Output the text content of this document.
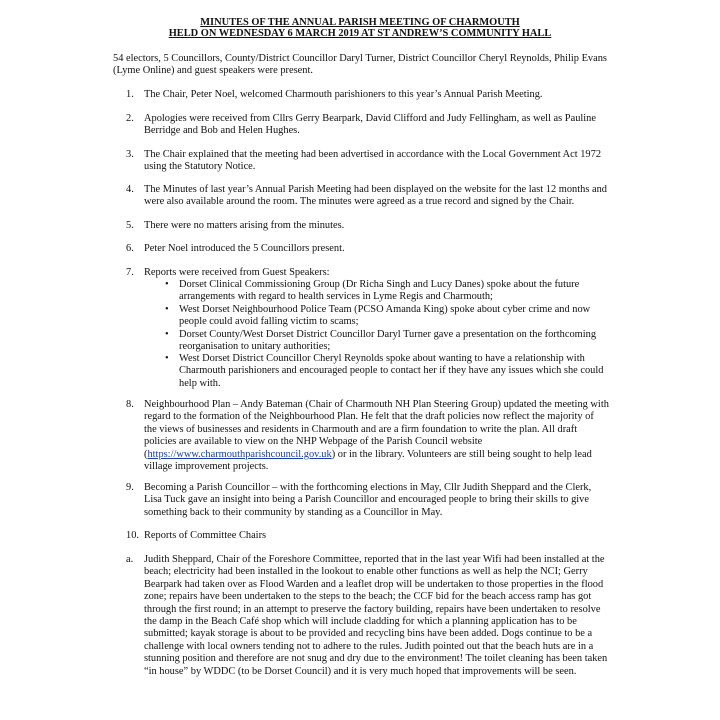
MINUTES OF THE ANNUAL PARISH MEETING OF CHARMOUTH
HELD ON WEDNESDAY 6 MARCH 2019 AT ST ANDREW’S COMMUNITY HALL
54 electors, 5 Councillors, County/District Councillor Daryl Turner, District Councillor Cheryl Reynolds, Philip Evans
(Lyme Online) and guest speakers were present.
1. The Chair, Peter Noel, welcomed Charmouth parishioners to this year’s Annual Parish Meeting.
2. Apologies were received from Cllrs Gerry Bearpark, David Clifford and Judy Fellingham, as well as Pauline
Berridge and Bob and Helen Hughes.
3. The Chair explained that the meeting had been advertised in accordance with the Local Government Act 1972
using the Statutory Notice.
4. The Minutes of last year’s Annual Parish Meeting had been displayed on the website for the last 12 months and
were also available around the room. The minutes were agreed as a true record and signed by the Chair.
5. There were no matters arising from the minutes.
6. Peter Noel introduced the 5 Councillors present.
7. Reports were received from Guest Speakers:
• Dorset Clinical Commissioning Group (Dr Richa Singh and Lucy Danes) spoke about the future
arrangements with regard to health services in Lyme Regis and Charmouth;
• West Dorset Neighbourhood Police Team (PCSO Amanda King) spoke about cyber crime and now
people could avoid falling victim to scams;
• Dorset County/West Dorset District Councillor Daryl Turner gave a presentation on the forthcoming
reorganisation to unitary authorities;
• West Dorset District Councillor Cheryl Reynolds spoke about wanting to have a relationship with
Charmouth parishioners and encouraged people to contact her if they have any issues which she could
help with.
8. Neighbourhood Plan – Andy Bateman (Chair of Charmouth NH Plan Steering Group) updated the meeting with
regard to the formation of the Neighbourhood Plan. He felt that the draft policies now reflect the majority of
the views of businesses and residents in Charmouth and are a firm foundation to write the plan. All draft
policies are available to view on the NHP Webpage of the Parish Council website
(https://www.charmouthparishcouncil.gov.uk) or in the library. Volunteers are still being sought to help lead
village improvement projects.
9. Becoming a Parish Councillor – with the forthcoming elections in May, Cllr Judith Sheppard and the Clerk,
Lisa Tuck gave an insight into being a Parish Councillor and encouraged people to bring their skills to give
something back to their community by standing as a Councillor in May.
10. Reports of Committee Chairs
a. Judith Sheppard, Chair of the Foreshore Committee, reported that in the last year Wifi had been installed at the
beach; electricity had been installed in the lookout to enable other functions as well as help the NCI; Gerry
Bearpark had taken over as Flood Warden and a leaflet drop will be undertaken to those properties in the flood
zone; repairs have been undertaken to the steps to the beach; the CCF bid for the beach access ramp has got
through the first round; in an attempt to preserve the factory building, repairs have been undertaken to resolve
the damp in the Beach Café shop which will include cladding for which a planning application has to be
submitted; kayak storage is about to be provided and recycling bins have been added. Dogs continue to be a
challenge with local owners tending not to adhere to the rules. Judith pointed out that the beach huts are in a
stunning position and therefore are not snug and dry due to the environment! The toilet cleaning has been taken
“in house” by WDDC (to be Dorset Council) and it is very much hoped that improvements will be seen.
